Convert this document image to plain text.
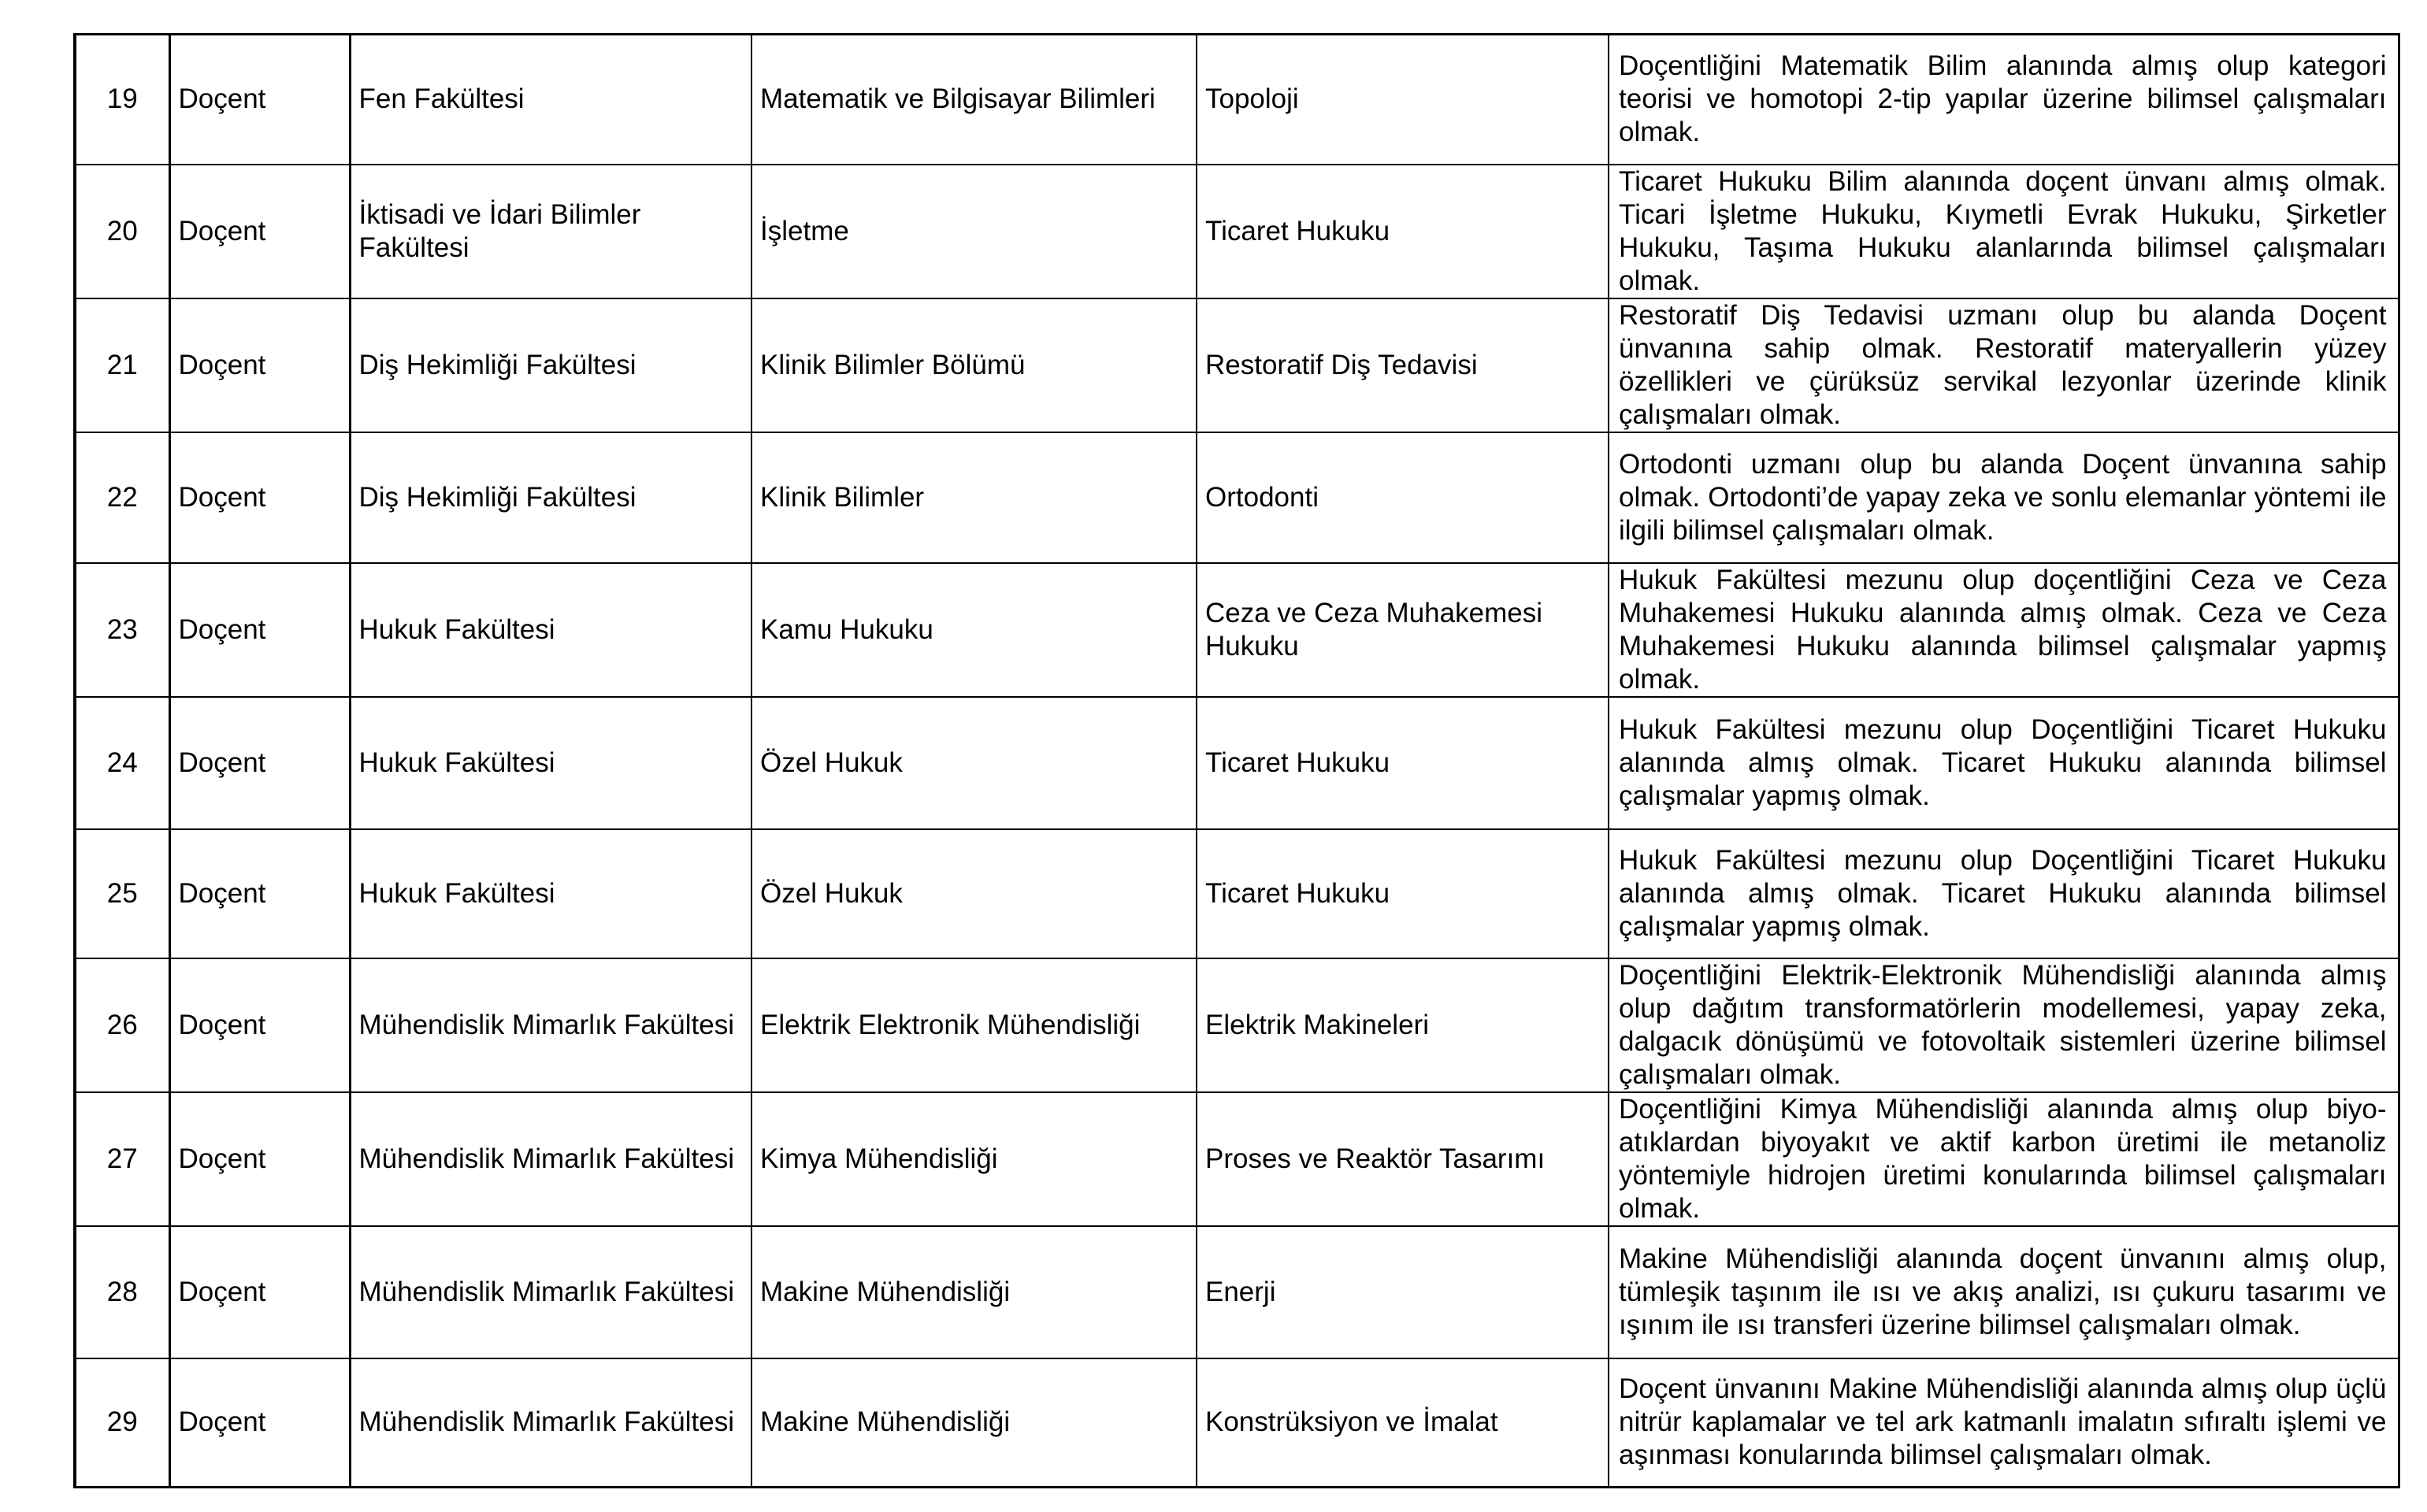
19	Doçent	Fen Fakültesi	Matematik ve Bilgisayar Bilimleri	Topoloji	Doçentliğini Matematik Bilim alanında almış olup kategori teorisi ve homotopi 2-tip yapılar üzerine bilimsel çalışmaları olmak.
20	Doçent	İktisadi ve İdari Bilimler Fakültesi	İşletme	Ticaret Hukuku	Ticaret Hukuku Bilim alanında doçent ünvanı almış olmak. Ticari İşletme Hukuku, Kıymetli Evrak Hukuku, Şirketler Hukuku, Taşıma Hukuku alanlarında bilimsel çalışmaları olmak.
21	Doçent	Diş Hekimliği Fakültesi	Klinik Bilimler Bölümü	Restoratif Diş Tedavisi	Restoratif Diş Tedavisi uzmanı olup bu alanda Doçent ünvanına sahip olmak. Restoratif materyallerin yüzey özellikleri ve çürüksüz servikal lezyonlar üzerinde klinik çalışmaları olmak.
22	Doçent	Diş Hekimliği Fakültesi	Klinik Bilimler	Ortodonti	Ortodonti uzmanı olup bu alanda Doçent ünvanına sahip olmak. Ortodonti’de yapay zeka ve sonlu elemanlar yöntemi ile ilgili bilimsel çalışmaları olmak.
23	Doçent	Hukuk Fakültesi	Kamu Hukuku	Ceza ve Ceza Muhakemesi Hukuku	Hukuk Fakültesi mezunu olup doçentliğini Ceza ve Ceza Muhakemesi Hukuku alanında almış olmak. Ceza ve Ceza Muhakemesi Hukuku alanında bilimsel çalışmalar yapmış olmak.
24	Doçent	Hukuk Fakültesi	Özel Hukuk	Ticaret Hukuku	Hukuk Fakültesi mezunu olup Doçentliğini Ticaret Hukuku alanında almış olmak. Ticaret Hukuku alanında bilimsel çalışmalar yapmış olmak.
25	Doçent	Hukuk Fakültesi	Özel Hukuk	Ticaret Hukuku	Hukuk Fakültesi mezunu olup Doçentliğini Ticaret Hukuku alanında almış olmak. Ticaret Hukuku alanında bilimsel çalışmalar yapmış olmak.
26	Doçent	Mühendislik Mimarlık Fakültesi	Elektrik Elektronik Mühendisliği	Elektrik Makineleri	Doçentliğini Elektrik-Elektronik Mühendisliği alanında almış olup dağıtım transformatörlerin modellemesi, yapay zeka, dalgacık dönüşümü ve fotovoltaik sistemleri üzerine bilimsel çalışmaları olmak.
27	Doçent	Mühendislik Mimarlık Fakültesi	Kimya Mühendisliği	Proses ve Reaktör Tasarımı	Doçentliğini Kimya Mühendisliği alanında almış olup biyo-atıklardan biyoyakıt ve aktif karbon üretimi ile metanoliz yöntemiyle hidrojen üretimi konularında bilimsel çalışmaları olmak.
28	Doçent	Mühendislik Mimarlık Fakültesi	Makine Mühendisliği	Enerji	Makine Mühendisliği alanında doçent ünvanını almış olup, tümleşik taşınım ile ısı ve akış analizi, ısı çukuru tasarımı ve ışınım ile ısı transferi üzerine bilimsel çalışmaları olmak.
29	Doçent	Mühendislik Mimarlık Fakültesi	Makine Mühendisliği	Konstrüksiyon ve İmalat	Doçent ünvanını Makine Mühendisliği alanında almış olup üçlü nitrür kaplamalar ve tel ark katmanlı imalatın sıfıraltı işlemi ve aşınması konularında bilimsel çalışmaları olmak.
